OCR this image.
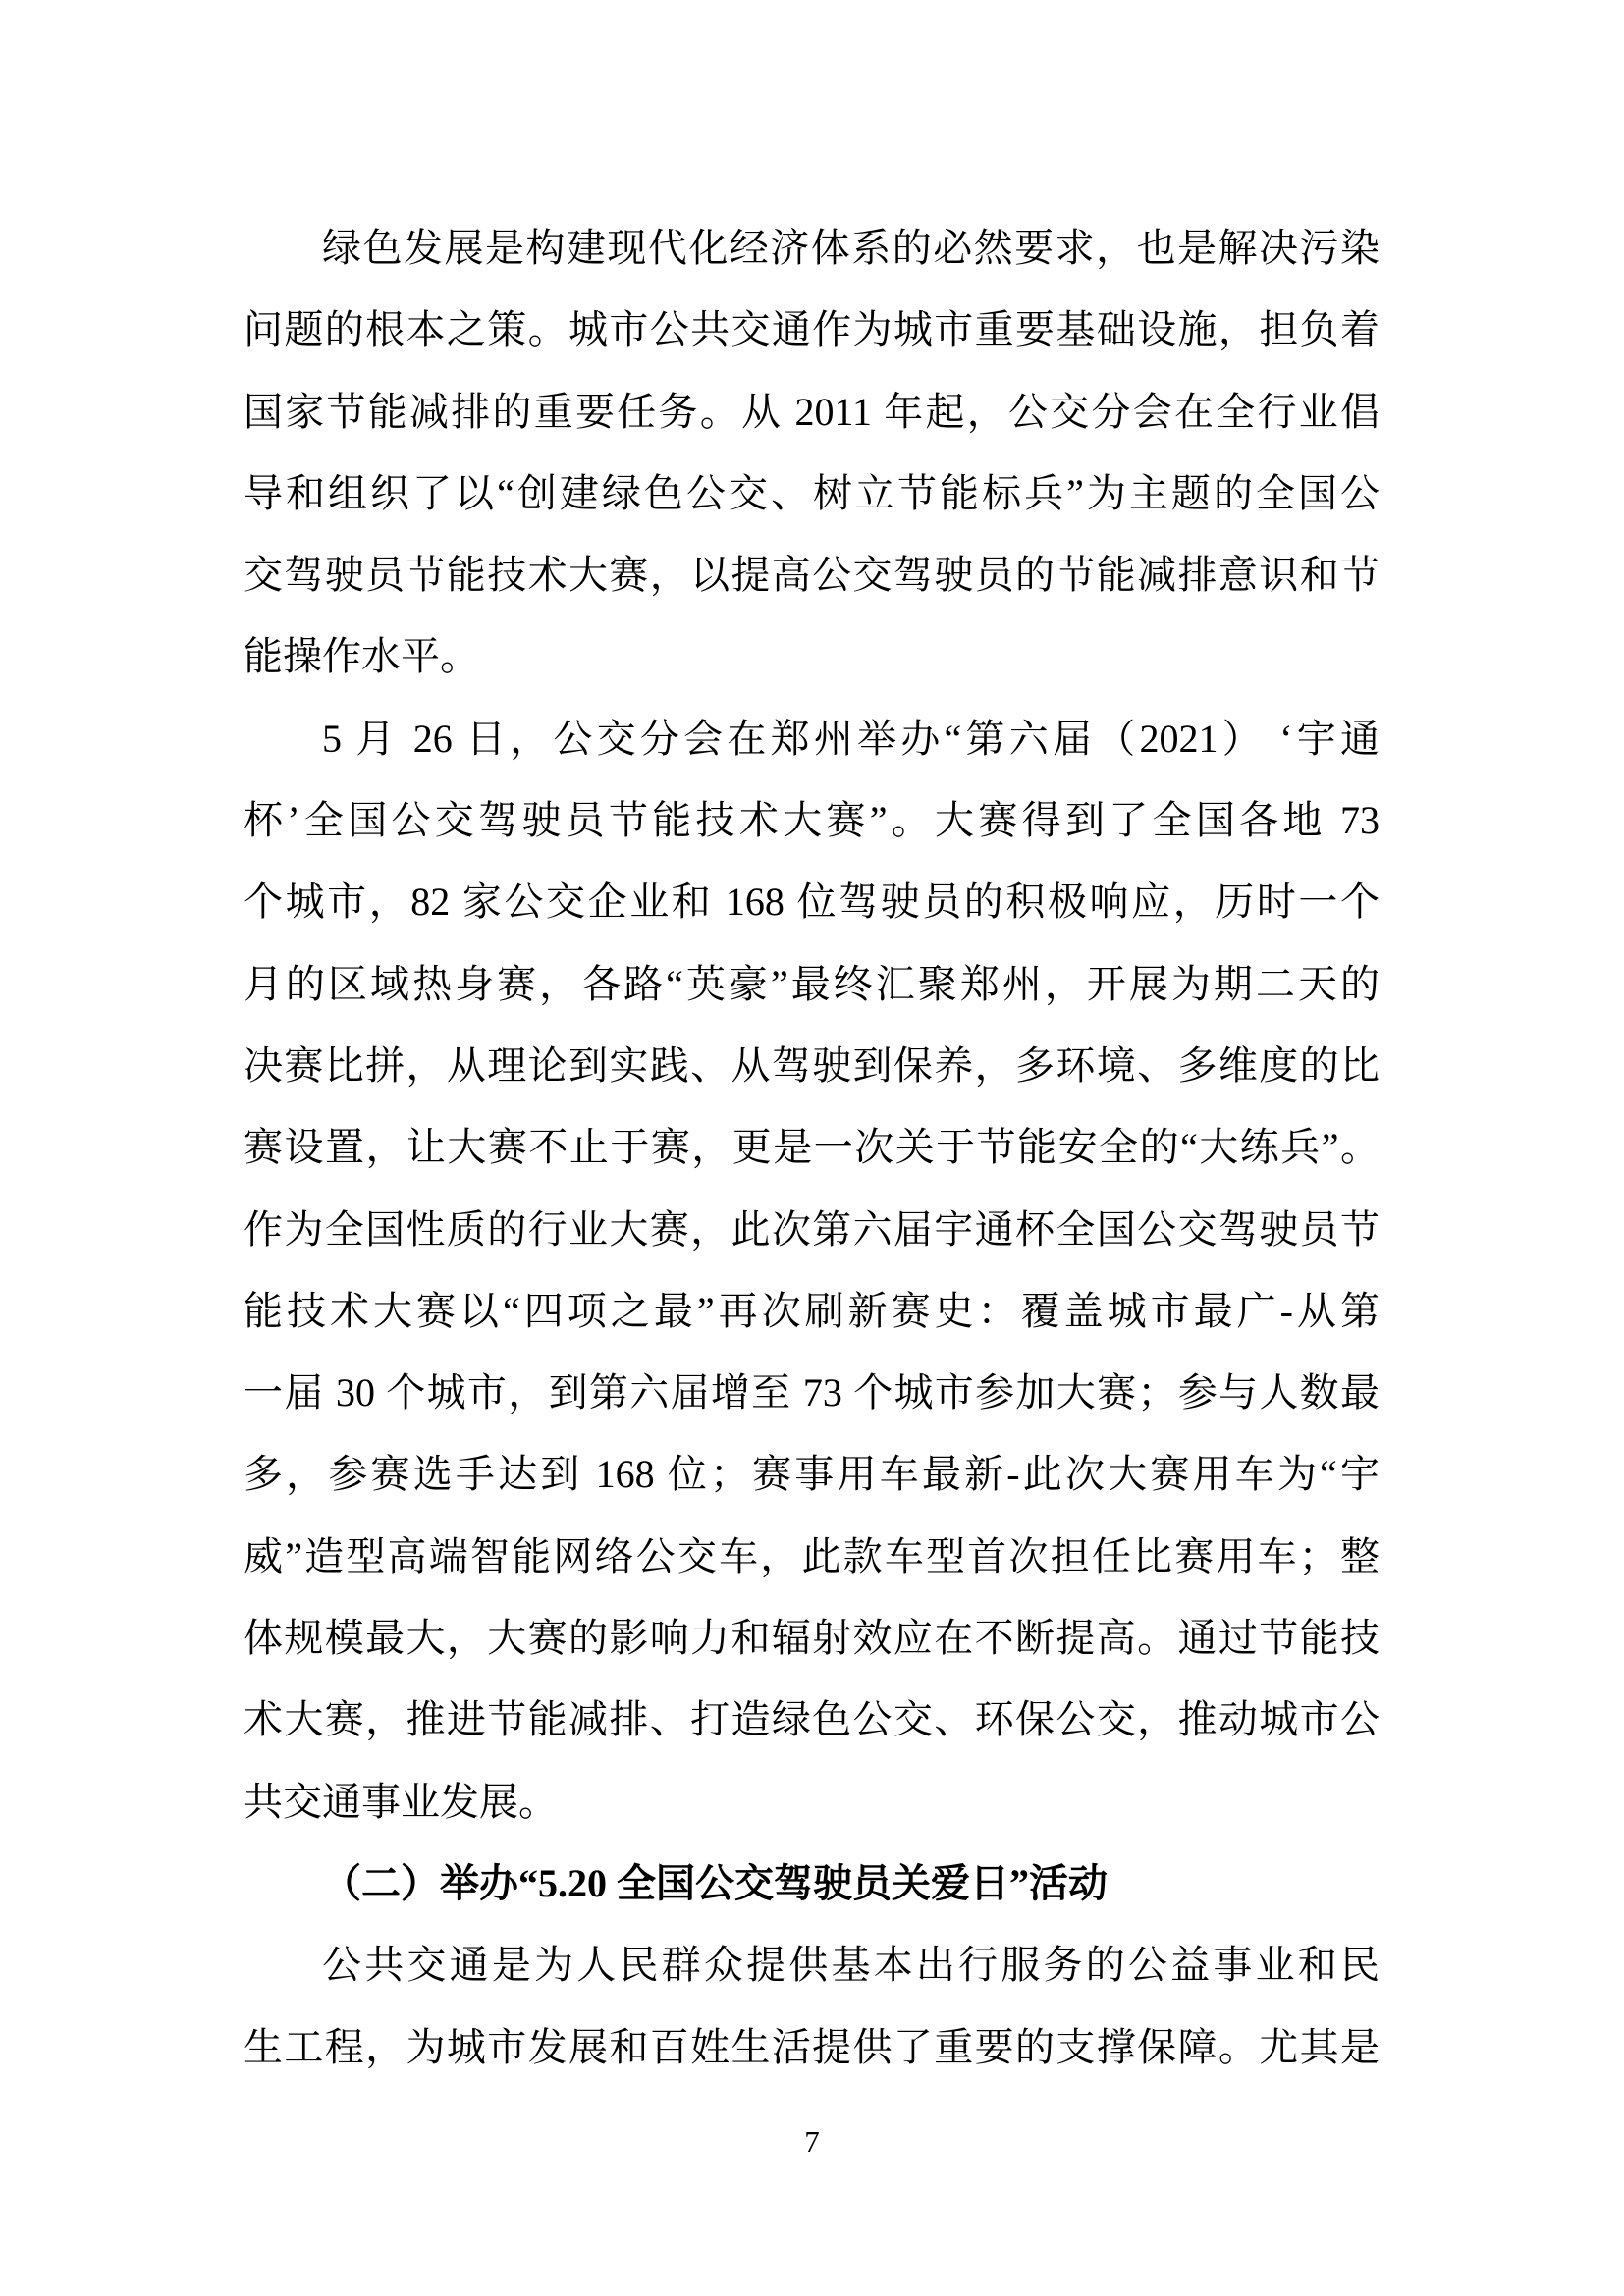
绿色发展是构建现代化经济体系的必然要求，也是解决污染
问题的根本之策。城市公共交通作为城市重要基础设施，担负着
国家节能减排的重要任务。从 2011 年起，公交分会在全行业倡
导和组织了以“创建绿色公交、树立节能标兵”为主题的全国公
交驾驶员节能技术大赛，以提高公交驾驶员的节能减排意识和节
能操作水平。
5 月 26 日，公交分会在郑州举办“第六届（2021） ‘宇通
杯’全国公交驾驶员节能技术大赛”。大赛得到了全国各地 73
个城市，82 家公交企业和 168 位驾驶员的积极响应，历时一个
月的区域热身赛，各路“英豪”最终汇聚郑州，开展为期二天的
决赛比拼，从理论到实践、从驾驶到保养，多环境、多维度的比
赛设置，让大赛不止于赛，更是一次关于节能安全的“大练兵”。
作为全国性质的行业大赛，此次第六届宇通杯全国公交驾驶员节
能技术大赛以“四项之最”再次刷新赛史：覆盖城市最广-从第
一届 30 个城市，到第六届增至 73 个城市参加大赛；参与人数最
多，参赛选手达到 168 位；赛事用车最新-此次大赛用车为“宇
威”造型高端智能网络公交车，此款车型首次担任比赛用车；整
体规模最大，大赛的影响力和辐射效应在不断提高。通过节能技
术大赛，推进节能减排、打造绿色公交、环保公交，推动城市公
共交通事业发展。
（二）举办“5.20 全国公交驾驶员关爱日”活动
公共交通是为人民群众提供基本出行服务的公益事业和民
生工程，为城市发展和百姓生活提供了重要的支撑保障。尤其是
7
